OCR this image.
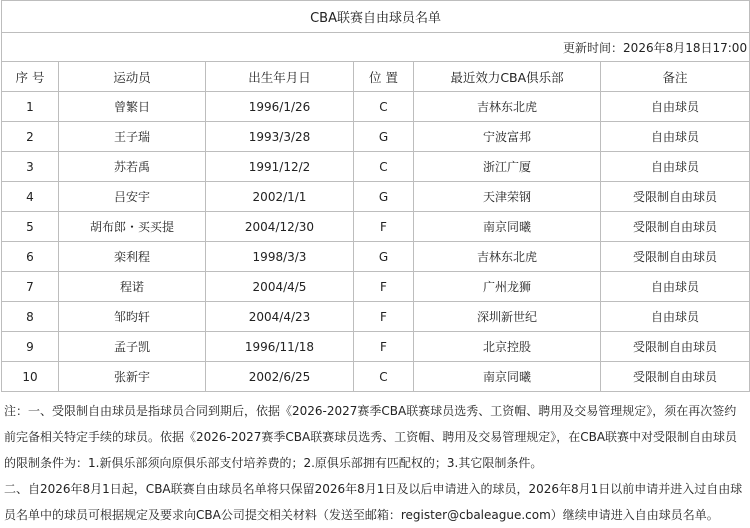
CBA联赛自由球员名单					
更新时间：2026年8月18日17:00					
序 号	运动员	出生年月日	位 置	最近效力CBA俱乐部	备注
1	曾繁日	1996/1/26	C	吉林东北虎	自由球员
2	王子瑞	1993/3/28	G	宁波富邦	自由球员
3	苏若禹	1991/12/2	C	浙江广厦	自由球员
4	吕安宇	2002/1/1	G	天津荣钢	受限制自由球员
5	胡布郎・买买提	2004/12/30	F	南京同曦	受限制自由球员
6	栾利程	1998/3/3	G	吉林东北虎	受限制自由球员
7	程诺	2004/4/5	F	广州龙狮	自由球员
8	邹昀轩	2004/4/23	F	深圳新世纪	自由球员
9	孟子凯	1996/11/18	F	北京控股	受限制自由球员
10	张新宇	2002/6/25	C	南京同曦	受限制自由球员

注：一、受限制自由球员是指球员合同到期后，依据《2026-2027赛季CBA联赛球员选秀、工资帽、聘用及交易管理规定》，须在再次签约前完备相关特定手续的球员。依据《2026-2027赛季CBA联赛球员选秀、工资帽、聘用及交易管理规定》，在CBA联赛中对受限制自由球员的限制条件为：1.新俱乐部须向原俱乐部支付培养费的；2.原俱乐部拥有匹配权的；3.其它限制条件。

二、自2026年8月1日起，CBA联赛自由球员名单将只保留2026年8月1日及以后申请进入的球员，2026年8月1日以前申请并进入过自由球员名单中的球员可根据规定及要求向CBA公司提交相关材料（发送至邮箱：register@cbaleague.com）继续申请进入自由球员名单。
